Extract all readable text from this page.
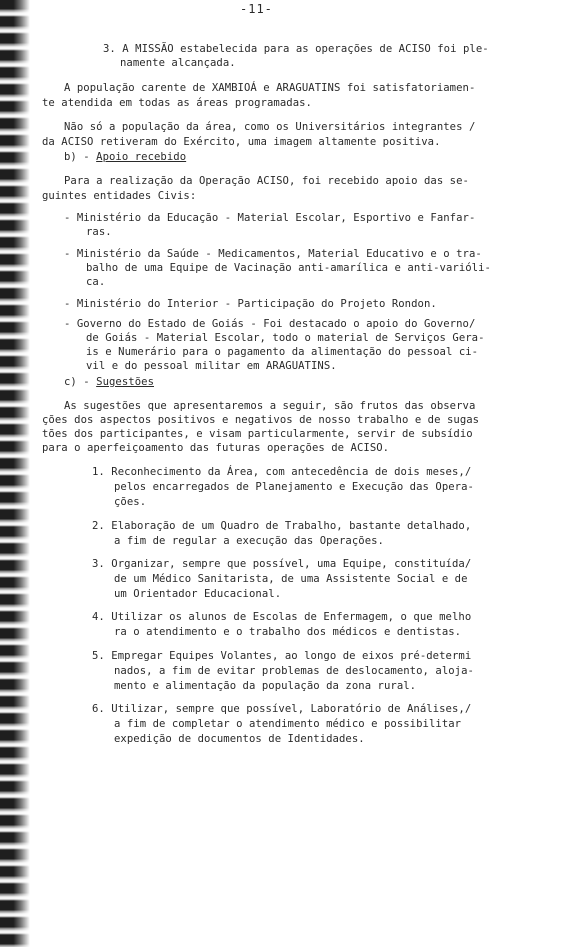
-11-
3. A MISSÃO estabelecida para as operações de ACISO foi ple-
namente alcançada.
A população carente de XAMBIOÁ e ARAGUATINS foi satisfatoriamen-
te atendida em todas as áreas programadas.
Não só a população da área, como os Universitários integrantes /
da ACISO retiveram do Exército, uma imagem altamente positiva.
b) - Apoio recebido
Para a realização da Operação ACISO, foi recebido apoio das se-
guintes entidades Civis:
- Ministério da Educação - Material Escolar, Esportivo e Fanfar-
ras.
- Ministério da Saúde - Medicamentos, Material Educativo e o tra-
balho de uma Equipe de Vacinação anti-amarílica e anti-varióli-
ca.
- Ministério do Interior - Participação do Projeto Rondon.
- Governo do Estado de Goiás - Foi destacado o apoio do Governo/
de Goiás - Material Escolar, todo o material de Serviços Gera-
is e Numerário para o pagamento da alimentação do pessoal ci-
vil e do pessoal militar em ARAGUATINS.
c) - Sugestões
As sugestões que apresentaremos a seguir, são frutos das observa
ções dos aspectos positivos e negativos de nosso trabalho e de sugas
tões dos participantes, e visam particularmente, servir de subsídio
para o aperfeiçoamento das futuras operações de ACISO.
1. Reconhecimento da Área, com antecedência de dois meses,/
pelos encarregados de Planejamento e Execução das Opera-
ções.
2. Elaboração de um Quadro de Trabalho, bastante detalhado,
a fim de regular a execução das Operações.
3. Organizar, sempre que possível, uma Equipe, constituída/
de um Médico Sanitarista, de uma Assistente Social e de
um Orientador Educacional.
4. Utilizar os alunos de Escolas de Enfermagem, o que melho
ra o atendimento e o trabalho dos médicos e dentistas.
5. Empregar Equipes Volantes, ao longo de eixos pré-determi
nados, a fim de evitar problemas de deslocamento, aloja-
mento e alimentação da população da zona rural.
6. Utilizar, sempre que possível, Laboratório de Análises,/
a fim de completar o atendimento médico e possibilitar
expedição de documentos de Identidades.
